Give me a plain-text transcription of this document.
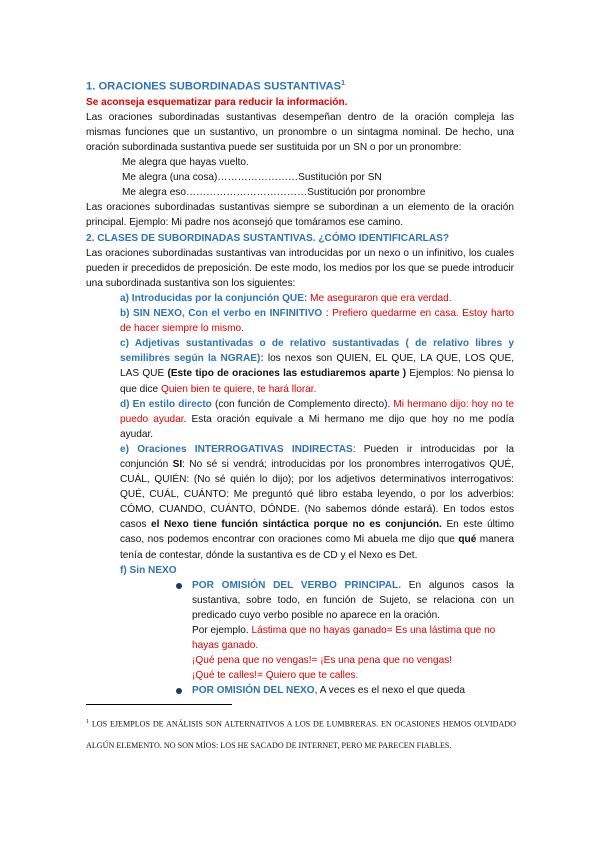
1. ORACIONES SUBORDINADAS SUSTANTIVAS$^1$

Se aconseja esquematizar para reducir la información.

Las oraciones subordinadas sustantivas desempeñan dentro de la oración compleja las mismas funciones que un sustantivo, un pronombre o un sintagma nominal. De hecho, una oración subordinada sustantiva puede ser sustituida por un SN o por un pronombre:

Me alegra que hayas vuelto.

Me alegra (una cosa)……………………Sustitución por SN

Me alegra eso………………………………Sustitución por pronombre

Las oraciones subordinadas sustantivas siempre se subordinan a un elemento de la oración principal. Ejemplo: Mi padre nos aconsejó que tomáramos ese camino.

2. CLASES DE SUBORDINADAS SUSTANTIVAS. ¿CÓMO IDENTIFICARLAS?

Las oraciones subordinadas sustantivas van introducidas por un nexo o un infinitivo, los cuales pueden ir precedidos de preposición. De este modo, los medios por los que se puede introducir una subordinada sustantiva son los siguientes:

a) Introducidas por la conjunción QUE: Me aseguraron que era verdad.

b) SIN NEXO, Con el verbo en INFINITIVO : Prefiero quedarme en casa. Estoy harto de hacer siempre lo mismo.

c) Adjetivas sustantivadas o de relativo sustantivadas ( de relativo libres y semilibres según la NGRAE): los nexos son QUIEN, EL QUE, LA QUE, LOS QUE, LAS QUE (Este tipo de oraciones las estudiaremos aparte ) Ejemplos: No piensa lo que dice Quien bien te quiere, te hará llorar.

d) En estilo directo (con función de Complemento directo). Mi hermano dijo: hoy no te puedo ayudar. Esta oración equivale a Mi hermano me dijo que hoy no me podía ayudar.

e) Oraciones INTERROGATIVAS INDIRECTAS: Pueden ir introducidas por la conjunción SI: No sé si vendrá; introducidas por los pronombres interrogativos QUÉ, CUÁL, QUIÉN: (No sé quién lo dijo); por los adjetivos determinativos interrogativos: QUÉ, CUÁL, CUÁNTO: Me preguntó qué libro estaba leyendo, o por los adverbios: CÓMO, CUANDO, CUÁNTO, DÓNDE. (No sabemos dónde estará). En todos estos casos el Nexo tiene función sintáctica porque no es conjunción. En este último caso, nos podemos encontrar con oraciones como Mi abuela me dijo que qué manera tenía de contestar, dónde la sustantiva es de CD y el Nexo es Det.

f) Sin NEXO

POR OMISIÓN DEL VERBO PRINCIPAL. En algunos casos la sustantiva, sobre todo, en función de Sujeto, se relaciona con un predicado cuyo verbo posible no aparece en la oración.

Por ejemplo. Lástima que no hayas ganado= Es una lástima que no hayas ganado.

¡Qué pena que no vengas!= ¡Es una pena que no vengas!

¡Qué te calles!= Quiero que te calles.

POR OMISIÓN DEL NEXO, A veces es el nexo el que queda

$^1$ LOS EJEMPLOS DE ANÁLISIS SON ALTERNATIVOS A LOS DE LUMBRERAS. EN OCASIONES HEMOS OLVIDADO ALGÚN ELEMENTO. NO SON MÍOS: LOS HE SACADO DE INTERNET, PERO ME PARECEN FIABLES.
